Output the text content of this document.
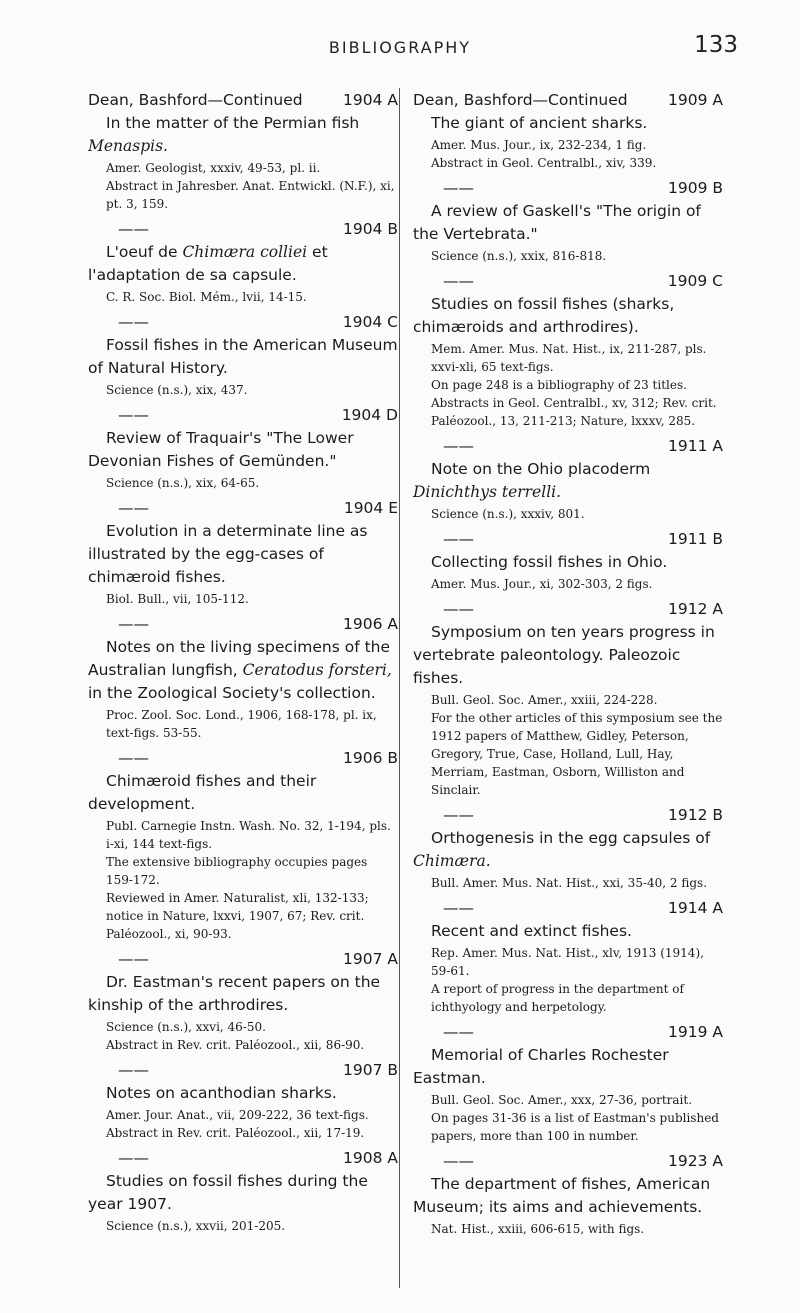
BIBLIOGRAPHY	133
Dean, Bashford—Continued	1904 A

In the matter of the Permian fish Menaspis.

Amer. Geologist, xxxiv, 49-53, pl. ii.
Abstract in Jahresber. Anat. Entwickl. (N.F.), xi, pt. 3, 159.
——	1904 B

L'oeuf de Chimæra colliei et l'adaptation de sa capsule.

C. R. Soc. Biol. Mém., lvii, 14-15.
——	1904 C

Fossil fishes in the American Museum of Natural History.

Science (n.s.), xix, 437.
——	1904 D

Review of Traquair's "The Lower Devonian Fishes of Gemünden."

Science (n.s.), xix, 64-65.
——	1904 E

Evolution in a determinate line as illustrated by the egg-cases of chimæroid fishes.

Biol. Bull., vii, 105-112.
——	1906 A

Notes on the living specimens of the Australian lungfish, Ceratodus forsteri, in the Zoological Society's collection.

Proc. Zool. Soc. Lond., 1906, 168-178, pl. ix, text-figs. 53-55.
——	1906 B

Chimæroid fishes and their development.

Publ. Carnegie Instn. Wash. No. 32, 1-194, pls. i-xi, 144 text-figs.
The extensive bibliography occupies pages 159-172.
Reviewed in Amer. Naturalist, xli, 132-133; notice in Nature, lxxvi, 1907, 67; Rev. crit. Paléozool., xi, 90-93.
——	1907 A

Dr. Eastman's recent papers on the kinship of the arthrodires.

Science (n.s.), xxvi, 46-50.
Abstract in Rev. crit. Paléozool., xii, 86-90.
——	1907 B

Notes on acanthodian sharks.

Amer. Jour. Anat., vii, 209-222, 36 text-figs.
Abstract in Rev. crit. Paléozool., xii, 17-19.
——	1908 A

Studies on fossil fishes during the year 1907.

Science (n.s.), xxvii, 201-205.
Dean, Bashford—Continued	1909 A

The giant of ancient sharks.

Amer. Mus. Jour., ix, 232-234, 1 fig.
Abstract in Geol. Centralbl., xiv, 339.
——	1909 B

A review of Gaskell's "The origin of the Vertebrata."

Science (n.s.), xxix, 816-818.
——	1909 C

Studies on fossil fishes (sharks, chimæroids and arthrodires).

Mem. Amer. Mus. Nat. Hist., ix, 211-287, pls. xxvi-xli, 65 text-figs.
On page 248 is a bibliography of 23 titles. Abstracts in Geol. Centralbl., xv, 312; Rev. crit. Paléozool., 13, 211-213; Nature, lxxxv, 285.
——	1911 A

Note on the Ohio placoderm Dinichthys terrelli.

Science (n.s.), xxxiv, 801.
——	1911 B

Collecting fossil fishes in Ohio.

Amer. Mus. Jour., xi, 302-303, 2 figs.
——	1912 A

Symposium on ten years progress in vertebrate paleontology. Paleozoic fishes.

Bull. Geol. Soc. Amer., xxiii, 224-228.
For the other articles of this symposium see the 1912 papers of Matthew, Gidley, Peterson, Gregory, True, Case, Holland, Lull, Hay, Merriam, Eastman, Osborn, Williston and Sinclair.
——	1912 B

Orthogenesis in the egg capsules of Chimæra.

Bull. Amer. Mus. Nat. Hist., xxi, 35-40, 2 figs.
——	1914 A

Recent and extinct fishes.

Rep. Amer. Mus. Nat. Hist., xlv, 1913 (1914), 59-61.
A report of progress in the department of ichthyology and herpetology.
——	1919 A

Memorial of Charles Rochester Eastman.

Bull. Geol. Soc. Amer., xxx, 27-36, portrait.
On pages 31-36 is a list of Eastman's published papers, more than 100 in number.
——	1923 A

The department of fishes, American Museum; its aims and achievements.

Nat. Hist., xxiii, 606-615, with figs.
